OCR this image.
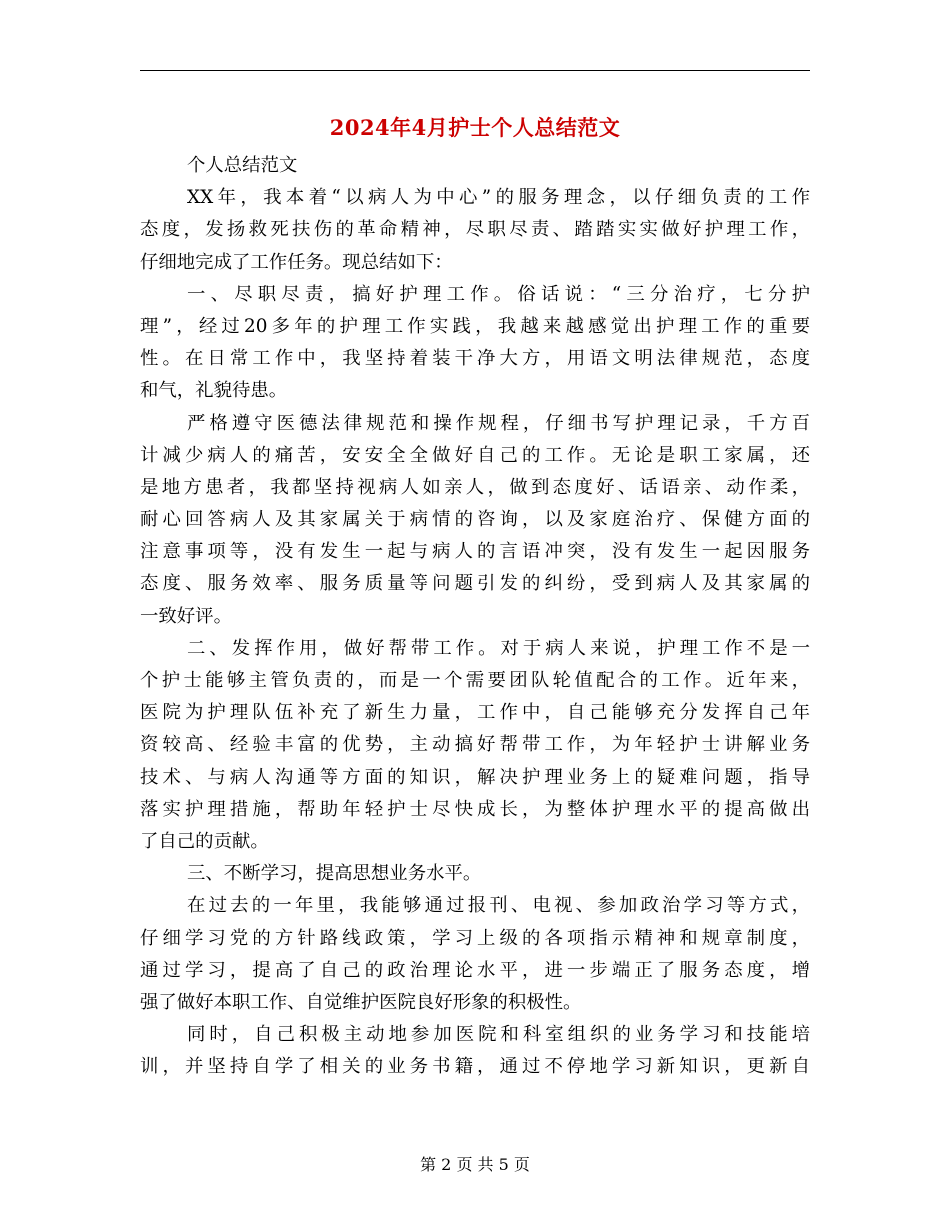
2024年4月护士个人总结范文
个人总结范文
XX年，我本着“以病人为中心”的服务理念，以仔细负责的工作
态度，发扬救死扶伤的革命精神，尽职尽责、踏踏实实做好护理工作，
仔细地完成了工作任务。现总结如下：
一、尽职尽责，搞好护理工作。俗话说：“三分治疗，七分护
理”，经过20多年的护理工作实践，我越来越感觉出护理工作的重要
性。在日常工作中，我坚持着装干净大方，用语文明法律规范，态度
和气，礼貌待患。
严格遵守医德法律规范和操作规程，仔细书写护理记录，千方百
计减少病人的痛苦，安安全全做好自己的工作。无论是职工家属，还
是地方患者，我都坚持视病人如亲人，做到态度好、话语亲、动作柔，
耐心回答病人及其家属关于病情的咨询，以及家庭治疗、保健方面的
注意事项等，没有发生一起与病人的言语冲突，没有发生一起因服务
态度、服务效率、服务质量等问题引发的纠纷，受到病人及其家属的
一致好评。
二、发挥作用，做好帮带工作。对于病人来说，护理工作不是一
个护士能够主管负责的，而是一个需要团队轮值配合的工作。近年来，
医院为护理队伍补充了新生力量，工作中，自己能够充分发挥自己年
资较高、经验丰富的优势，主动搞好帮带工作，为年轻护士讲解业务
技术、与病人沟通等方面的知识，解决护理业务上的疑难问题，指导
落实护理措施，帮助年轻护士尽快成长，为整体护理水平的提高做出
了自己的贡献。
三、不断学习，提高思想业务水平。
在过去的一年里，我能够通过报刊、电视、参加政治学习等方式，
仔细学习党的方针路线政策，学习上级的各项指示精神和规章制度，
通过学习，提高了自己的政治理论水平，进一步端正了服务态度，增
强了做好本职工作、自觉维护医院良好形象的积极性。
同时，自己积极主动地参加医院和科室组织的业务学习和技能培
训，并坚持自学了相关的业务书籍，通过不停地学习新知识，更新自
第 2 页 共 5 页
